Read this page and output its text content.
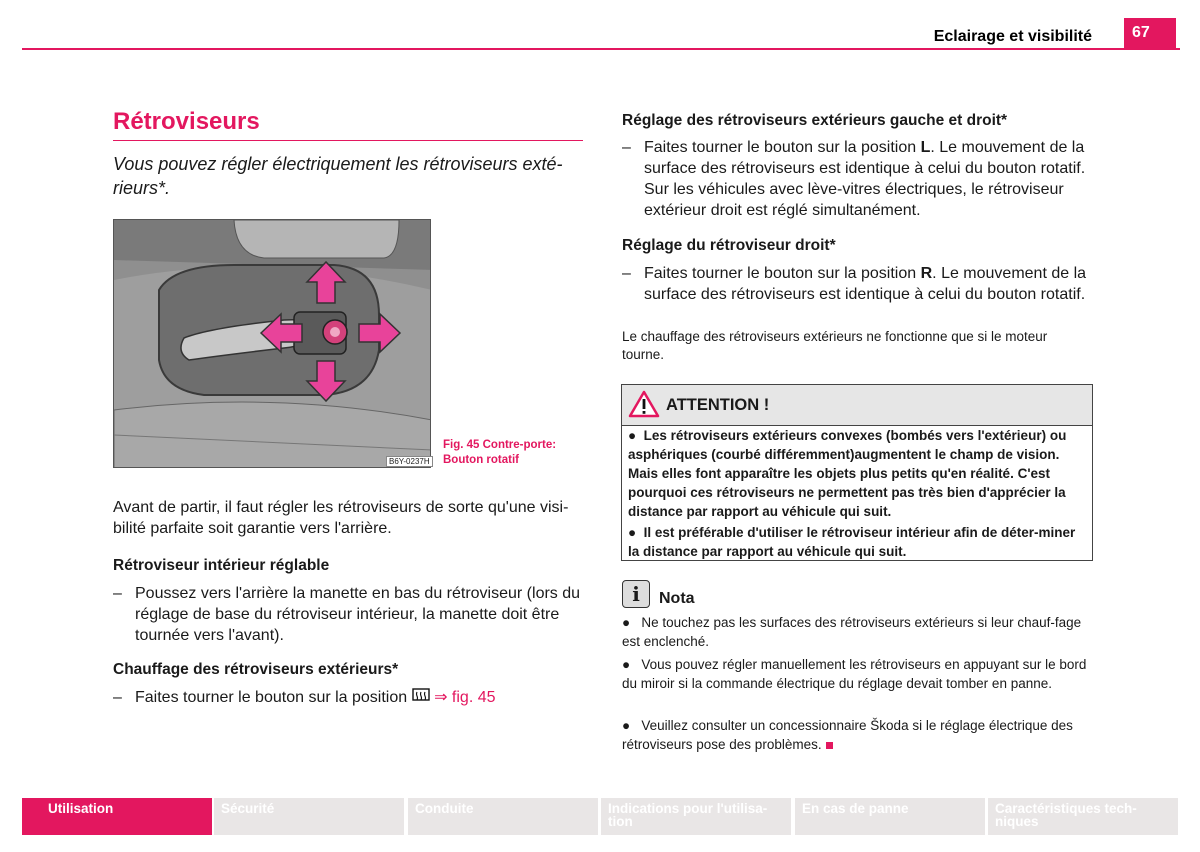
Eclairage et visibilité	67
Rétroviseurs
Vous pouvez régler électriquement les rétroviseurs exté-rieurs*.
B6Y-0237H
Fig. 45 Contre-porte:
Bouton rotatif
Avant de partir, il faut régler les rétroviseurs de sorte qu'une visi-bilité parfaite soit garantie vers l'arrière.
Rétroviseur intérieur réglable
– Poussez vers l'arrière la manette en bas du rétroviseur (lors du réglage de base du rétroviseur intérieur, la manette doit être tournée vers l'avant).
Chauffage des rétroviseurs extérieurs*
– Faites tourner le bouton sur la position ⇒ fig. 45
Réglage des rétroviseurs extérieurs gauche et droit*
– Faites tourner le bouton sur la position L. Le mouvement de la surface des rétroviseurs est identique à celui du bouton rotatif. Sur les véhicules avec lève-vitres électriques, le rétroviseur extérieur droit est réglé simultanément.
Réglage du rétroviseur droit*
– Faites tourner le bouton sur la position R. Le mouvement de la surface des rétroviseurs est identique à celui du bouton rotatif.
Le chauffage des rétroviseurs extérieurs ne fonctionne que si le moteur tourne.
ATTENTION !
●  Les rétroviseurs extérieurs convexes (bombés vers l'extérieur) ou asphériques (courbé différemment)augmentent le champ de vision. Mais elles font apparaître les objets plus petits qu'en réalité. C'est pourquoi ces rétroviseurs ne permettent pas très bien d'apprécier la distance par rapport au véhicule qui suit.
●  Il est préférable d'utiliser le rétroviseur intérieur afin de déter-miner la distance par rapport au véhicule qui suit.
i	Nota
●   Ne touchez pas les surfaces des rétroviseurs extérieurs si leur chauf-fage est enclenché.
●   Vous pouvez régler manuellement les rétroviseurs en appuyant sur le bord du miroir si la commande électrique du réglage devait tomber en panne.
●   Veuillez consulter un concessionnaire Škoda si le réglage électrique des rétroviseurs pose des problèmes.
Utilisation	Sécurité	Conduite	Indications pour l'utilisa-tion
En cas de panne	Caractéristiques tech-niques
